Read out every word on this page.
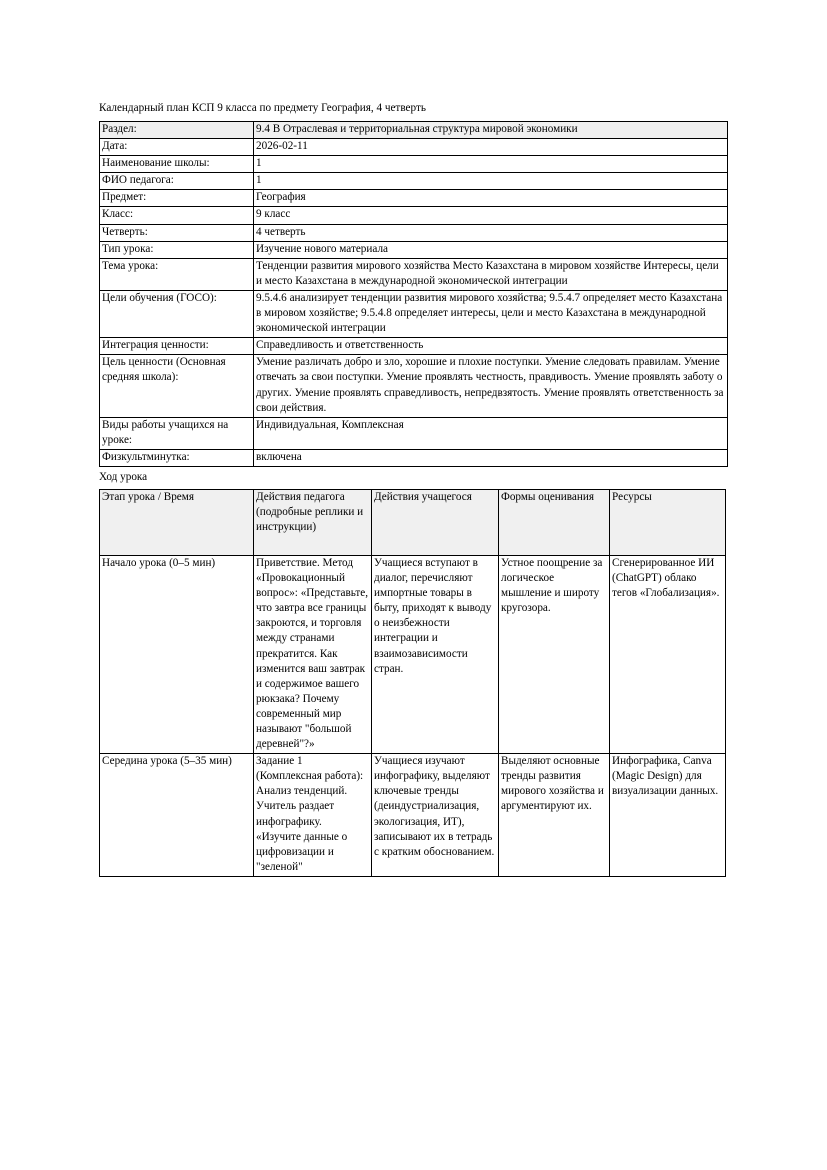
Календарный план КСП 9 класса по предмету География, 4 четверть
Раздел:	9.4 В Отраслевая и территориальная структура мировой экономики

Дата:	2026-02-11

Наименование школы:	1

ФИО педагога:	1

Предмет:	География

Класс:	9 класс

Четверть:	4 четверть

Тип урока:	Изучение нового материала

Тема урока:	Тенденции развития мирового хозяйства Место Казахстана в мировом хозяйстве Интересы, цели и место Казахстана в международной экономической интеграции

Цели обучения (ГОСО):	9.5.4.6 анализирует тенденции развития мирового хозяйства; 9.5.4.7 определяет место Казахстана в мировом хозяйстве; 9.5.4.8 определяет интересы, цели и место Казахстана в международной экономической интеграции

Интеграция ценности:	Справедливость и ответственность

Цель ценности (Основная средняя школа):	Умение различать добро и зло, хорошие и плохие поступки. Умение следовать правилам. Умение отвечать за свои поступки. Умение проявлять честность, правдивость. Умение проявлять заботу о других. Умение проявлять справедливость, непредвзятость. Умение проявлять ответственность за свои действия.

Виды работы учащихся на уроке:	Индивидуальная, Комплексная

Физкультминутка:	включена
Ход урока
Этап урока / Время	Действия педагога (подробные реплики и инструкции)	Действия учащегося	Формы оценивания	Ресурсы

Начало урока (0–5 мин)	Приветствие. Метод «Провокационный вопрос»: «Представьте, что завтра все границы закроются, и торговля между странами прекратится. Как изменится ваш завтрак и содержимое вашего рюкзака? Почему современный мир называют "большой деревней"?»	Учащиеся вступают в диалог, перечисляют импортные товары в быту, приходят к выводу о неизбежности интеграции и взаимозависимости стран.	Устное поощрение за логическое мышление и широту кругозора.	Сгенерированное ИИ (ChatGPT) облако тегов «Глобализация».

Середина урока (5–35 мин)	Задание 1 (Комплексная работа): Анализ тенденций. Учитель раздает инфографику. «Изучите данные о цифровизации и "зеленой"	Учащиеся изучают инфографику, выделяют ключевые тренды (деиндустриализация, экологизация, ИТ), записывают их в тетрадь с кратким обоснованием.	Выделяют основные тренды развития мирового хозяйства и аргументируют их.	Инфографика, Canva (Magic Design) для визуализации данных.
